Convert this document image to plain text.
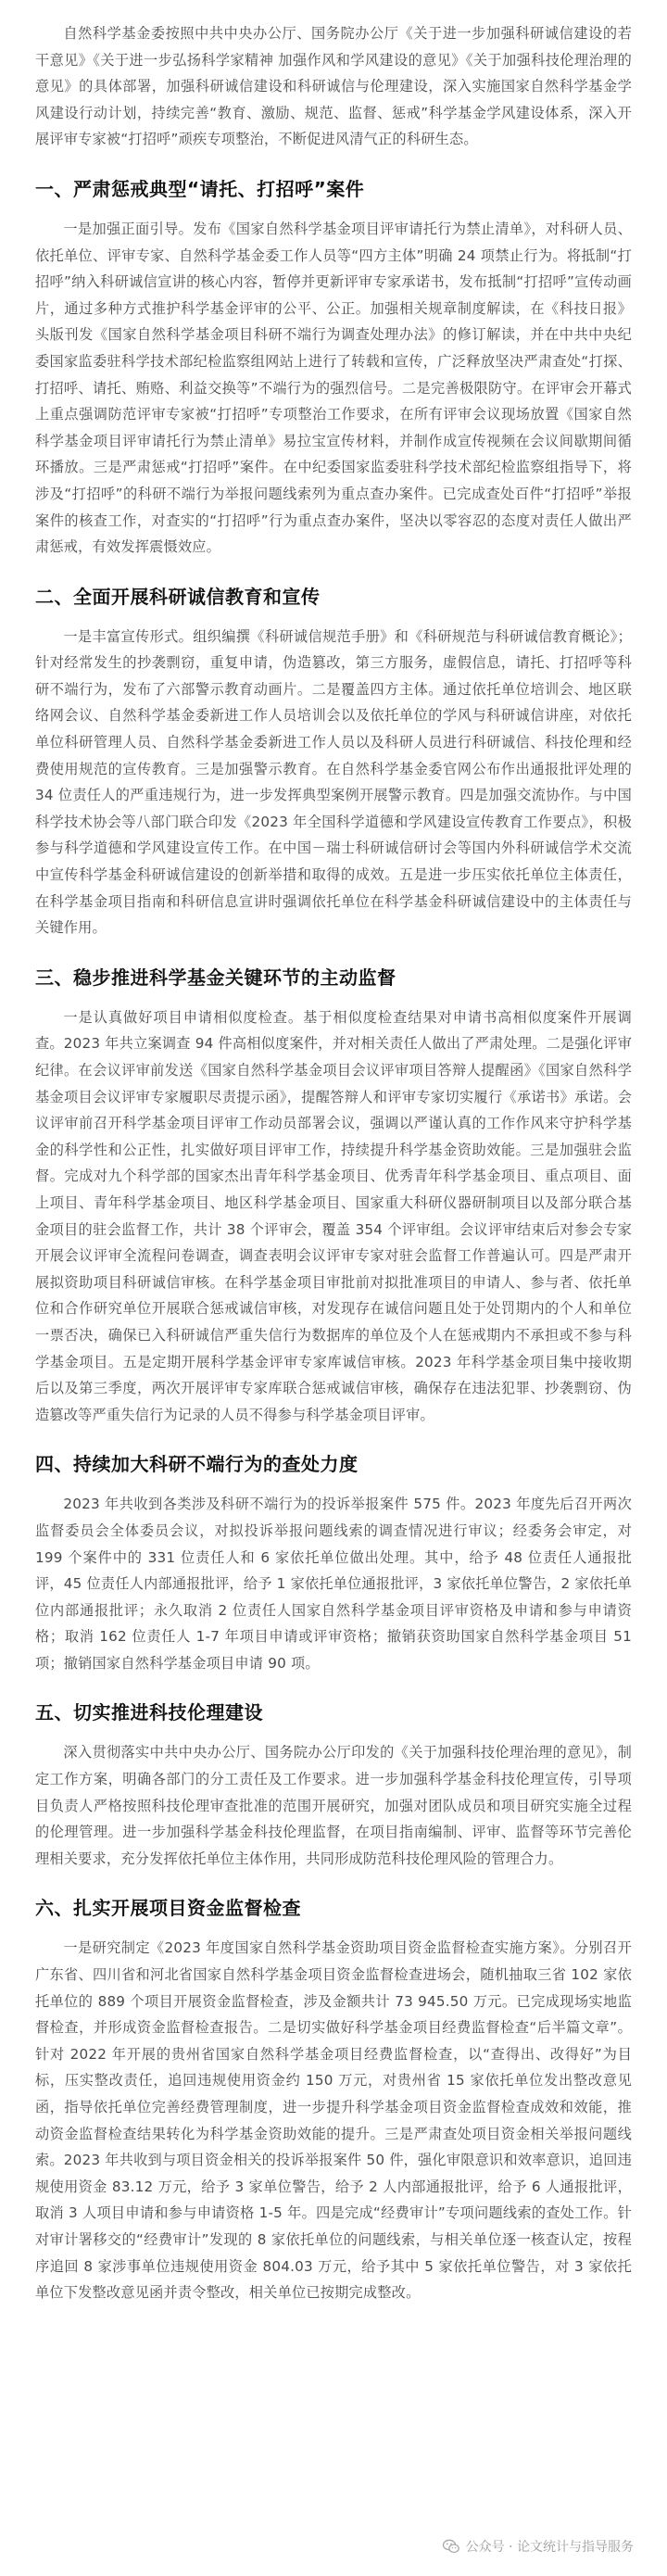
自然科学基金委按照中共中央办公厅、国务院办公厅《关于进一步加强科研诚信建设的若干意见》《关于进一步弘扬科学家精神 加强作风和学风建设的意见》《关于加强科技伦理治理的意见》的具体部署，加强科研诚信建设和科研诚信与伦理建设，深入实施国家自然科学基金学风建设行动计划，持续完善“教育、激励、规范、监督、惩戒”科学基金学风建设体系，深入开展评审专家被“打招呼”顽疾专项整治，不断促进风清气正的科研生态。

一、严肃惩戒典型“请托、打招呼”案件

一是加强正面引导。发布《国家自然科学基金项目评审请托行为禁止清单》，对科研人员、依托单位、评审专家、自然科学基金委工作人员等“四方主体”明确 24 项禁止行为。将抵制“打招呼”纳入科研诚信宣讲的核心内容，暂停并更新评审专家承诺书，发布抵制“打招呼”宣传动画片，通过多种方式推护科学基金评审的公平、公正。加强相关规章制度解读，在《科技日报》头版刊发《国家自然科学基金项目科研不端行为调查处理办法》的修订解读，并在中共中央纪委国家监委驻科学技术部纪检监察组网站上进行了转载和宣传，广泛释放坚决严肃查处“打探、打招呼、请托、贿赂、利益交换等”不端行为的强烈信号。二是完善极限防守。在评审会开幕式上重点强调防范评审专家被“打招呼”专项整治工作要求，在所有评审会议现场放置《国家自然科学基金项目评审请托行为禁止清单》易拉宝宣传材料，并制作成宣传视频在会议间歇期间循环播放。三是严肃惩戒“打招呼”案件。在中纪委国家监委驻科学技术部纪检监察组指导下，将涉及“打招呼”的科研不端行为举报问题线索列为重点查办案件。已完成查处百件“打招呼”举报案件的核查工作，对查实的“打招呼”行为重点查办案件，坚决以零容忍的态度对责任人做出严肃惩戒，有效发挥震慑效应。

二、全面开展科研诚信教育和宣传

一是丰富宣传形式。组织编撰《科研诚信规范手册》和《科研规范与科研诚信教育概论》；针对经常发生的抄袭剽窃，重复申请，伪造篡改，第三方服务，虚假信息，请托、打招呼等科研不端行为，发布了六部警示教育动画片。二是覆盖四方主体。通过依托单位培训会、地区联络网会议、自然科学基金委新进工作人员培训会以及依托单位的学风与科研诚信讲座，对依托单位科研管理人员、自然科学基金委新进工作人员以及科研人员进行科研诚信、科技伦理和经费使用规范的宣传教育。三是加强警示教育。在自然科学基金委官网公布作出通报批评处理的 34 位责任人的严重违规行为，进一步发挥典型案例开展警示教育。四是加强交流协作。与中国科学技术协会等八部门联合印发《2023 年全国科学道德和学风建设宣传教育工作要点》，积极参与科学道德和学风建设宣传工作。在中国－瑞士科研诚信研讨会等国内外科研诚信学术交流中宣传科学基金科研诚信建设的创新举措和取得的成效。五是进一步压实依托单位主体责任，在科学基金项目指南和科研信息宣讲时强调依托单位在科学基金科研诚信建设中的主体责任与关键作用。

三、稳步推进科学基金关键环节的主动监督

一是认真做好项目申请相似度检查。基于相似度检查结果对申请书高相似度案件开展调查。2023 年共立案调查 94 件高相似度案件，并对相关责任人做出了严肃处理。二是强化评审纪律。在会议评审前发送《国家自然科学基金项目会议评审项目答辩人提醒函》《国家自然科学基金项目会议评审专家履职尽责提示函》，提醒答辩人和评审专家切实履行《承诺书》承诺。会议评审前召开科学基金项目评审工作动员部署会议，强调以严谨认真的工作作风来守护科学基金的科学性和公正性，扎实做好项目评审工作，持续提升科学基金资助效能。三是加强驻会监督。完成对九个科学部的国家杰出青年科学基金项目、优秀青年科学基金项目、重点项目、面上项目、青年科学基金项目、地区科学基金项目、国家重大科研仪器研制项目以及部分联合基金项目的驻会监督工作，共计 38 个评审会，覆盖 354 个评审组。会议评审结束后对参会专家开展会议评审全流程问卷调查，调查表明会议评审专家对驻会监督工作普遍认可。四是严肃开展拟资助项目科研诚信审核。在科学基金项目审批前对拟批准项目的申请人、参与者、依托单位和合作研究单位开展联合惩戒诚信审核，对发现存在诚信问题且处于处罚期内的个人和单位一票否决，确保已入科研诚信严重失信行为数据库的单位及个人在惩戒期内不承担或不参与科学基金项目。五是定期开展科学基金评审专家库诚信审核。2023 年科学基金项目集中接收期后以及第三季度，两次开展评审专家库联合惩戒诚信审核，确保存在违法犯罪、抄袭剽窃、伪造篡改等严重失信行为记录的人员不得参与科学基金项目评审。

四、持续加大科研不端行为的查处力度

2023 年共收到各类涉及科研不端行为的投诉举报案件 575 件。2023 年度先后召开两次监督委员会全体委员会议，对拟投诉举报问题线索的调查情况进行审议；经委务会审定，对 199 个案件中的 331 位责任人和 6 家依托单位做出处理。其中，给予 48 位责任人通报批评，45 位责任人内部通报批评，给予 1 家依托单位通报批评，3 家依托单位警告，2 家依托单位内部通报批评；永久取消 2 位责任人国家自然科学基金项目评审资格及申请和参与申请资格；取消 162 位责任人 1-7 年项目申请或评审资格；撤销获资助国家自然科学基金项目 51 项；撤销国家自然科学基金项目申请 90 项。

五、切实推进科技伦理建设

深入贯彻落实中共中央办公厅、国务院办公厅印发的《关于加强科技伦理治理的意见》，制定工作方案，明确各部门的分工责任及工作要求。进一步加强科学基金科技伦理宣传，引导项目负责人严格按照科技伦理审查批准的范围开展研究，加强对团队成员和项目研究实施全过程的伦理管理。进一步加强科学基金科技伦理监督，在项目指南编制、评审、监督等环节完善伦理相关要求，充分发挥依托单位主体作用，共同形成防范科技伦理风险的管理合力。

六、扎实开展项目资金监督检查

一是研究制定《2023 年度国家自然科学基金资助项目资金监督检查实施方案》。分别召开广东省、四川省和河北省国家自然科学基金项目资金监督检查进场会，随机抽取三省 102 家依托单位的 889 个项目开展资金监督检查，涉及金额共计 73 945.50 万元。已完成现场实地监督检查，并形成资金监督检查报告。二是切实做好科学基金项目经费监督检查“后半篇文章”。针对 2022 年开展的贵州省国家自然科学基金项目经费监督检查，以“查得出、改得好”为目标，压实整改责任，追回违规使用资金约 150 万元，对贵州省 15 家依托单位发出整改意见函，指导依托单位完善经费管理制度，进一步提升科学基金项目资金监督检查成效和效能，推动资金监督检查结果转化为科学基金资助效能的提升。三是严肃查处项目资金相关举报问题线索。2023 年共收到与项目资金相关的投诉举报案件 50 件，强化审限意识和效率意识，追回违规使用资金 83.12 万元，给予 3 家单位警告，给予 2 人内部通报批评，给予 6 人通报批评，取消 3 人项目申请和参与申请资格 1-5 年。四是完成“经费审计”专项问题线索的查处工作。针对审计署移交的“经费审计”发现的 8 家依托单位的问题线索，与相关单位逐一核查认定，按程序追回 8 家涉事单位违规使用资金 804.03 万元，给予其中 5 家依托单位警告，对 3 家依托单位下发整改意见函并责令整改，相关单位已按期完成整改。

公众号 · 论文统计与指导服务
